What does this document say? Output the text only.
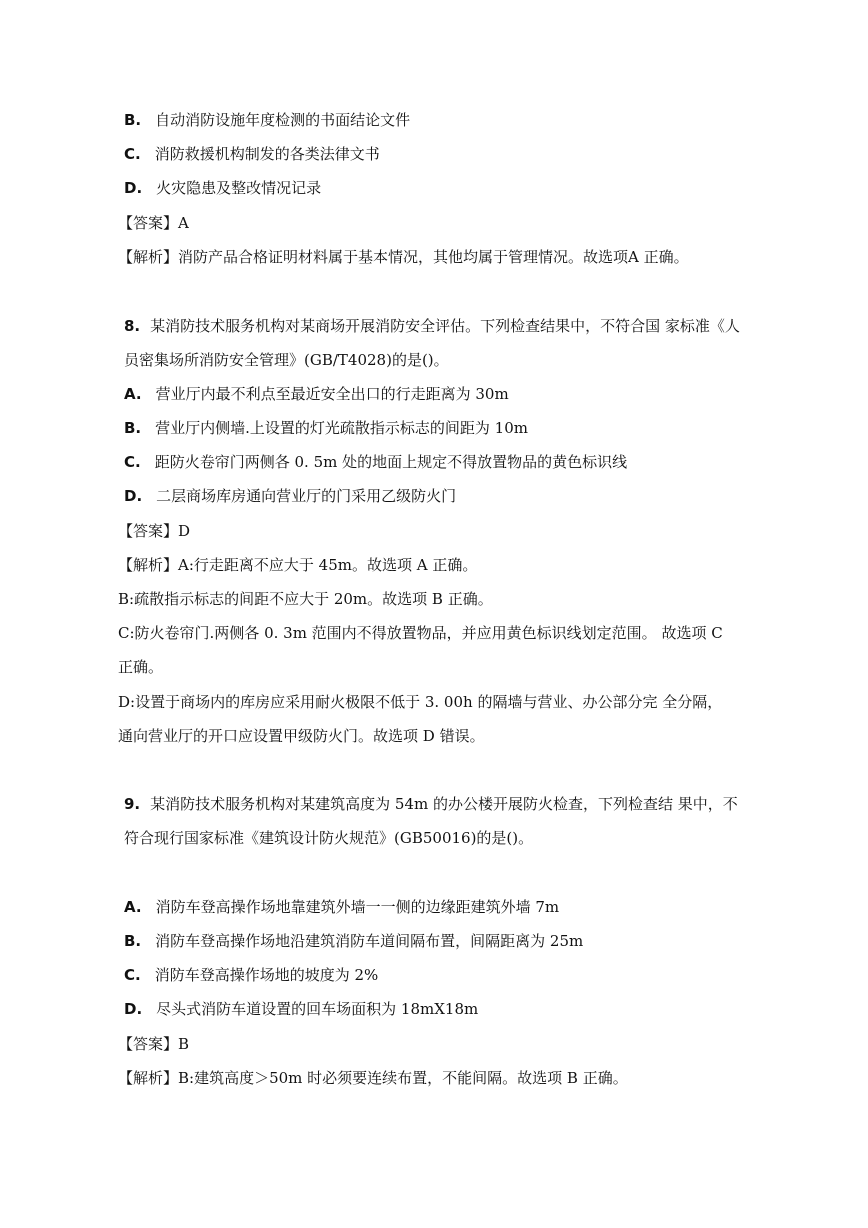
B. 自动消防设施年度检测的书面结论文件
C. 消防救援机构制发的各类法律文书
D. 火灾隐患及整改情况记录
【答案】A
【解析】消防产品合格证明材料属于基本情况，其他均属于管理情况。故选项A 正确。
8. 某消防技术服务机构对某商场开展消防安全评估。下列检查结果中，不符合国 家标准《人
员密集场所消防安全管理》(GB/T4028)的是()。
A. 营业厅内最不利点至最近安全出口的行走距离为 30m
B. 营业厅内侧墙.上设置的灯光疏散指示标志的间距为 10m
C. 距防火卷帘门两侧各 0. 5m 处的地面上规定不得放置物品的黄色标识线
D. 二层商场库房通向营业厅的门采用乙级防火门
【答案】D
【解析】A:行走距离不应大于 45m。故选项 A 正确。
B:疏散指示标志的间距不应大于 20m。故选项 B 正确。
C:防火卷帘门.两侧各 0. 3m 范围内不得放置物品，并应用黄色标识线划定范围。 故选项 C
正确。
D:设置于商场内的库房应采用耐火极限不低于 3. 00h 的隔墙与营业、办公部分完 全分隔，
通向营业厅的开口应设置甲级防火门。故选项 D 错误。
9. 某消防技术服务机构对某建筑高度为 54m 的办公楼开展防火检查，下列检查结 果中，不
符合现行国家标准《建筑设计防火规范》(GB50016)的是()。
A. 消防车登高操作场地靠建筑外墙一一侧的边缘距建筑外墙 7m
B. 消防车登高操作场地沿建筑消防车道间隔布置，间隔距离为 25m
C. 消防车登高操作场地的坡度为 2%
D. 尽头式消防车道设置的回车场面积为 18mX18m
【答案】B
【解析】B:建筑高度＞50m 时必须要连续布置，不能间隔。故选项 B 正确。
